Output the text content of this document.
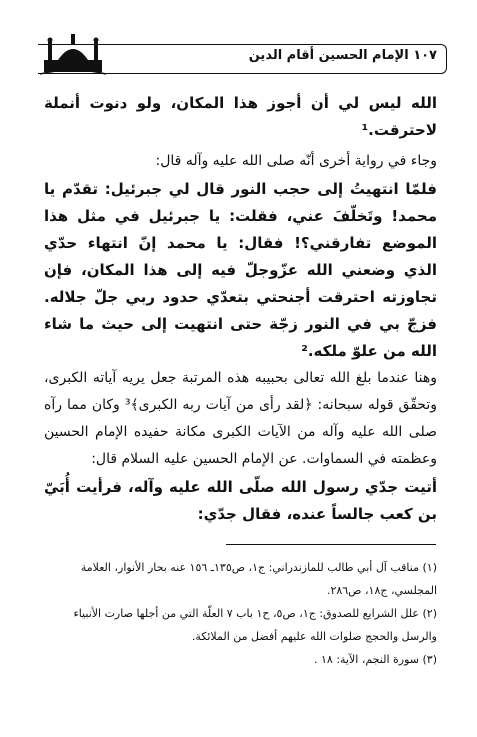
١٠٧ الإمام الحسين أقام الدين
الله ليس لي أن أجوز هذا المكان، ولو دنوت أنملة لاحترقت.¹
وجاء في رواية أخرى أنّه صلى الله عليه وآله قال:
فلمّا انتهيتُ إلى حجب النور قال لي جبرئيل: تقدّم يا محمد! وتَخلّفَ عني، فقلت: يا جبرئيل في مثل هذا الموضع تفارقني؟! فقال: يا محمد إنّ انتهاء حدّي الذي وضعني الله عزّوجلّ فيه إلى هذا المكان، فإن تجاوزته احترقت أجنحتي بتعدّي حدود ربي جلّ جلاله. فزجّ بي في النور زجّة حتى انتهيت إلى حيث ما شاء الله من علوّ ملكه.²
وهنا عندما بلغ الله تعالى بحبيبه هذه المرتبة جعل يريه آياته الكبرى، وتحقّق قوله سبحانه: ﴿لقد رأى من آيات ربه الكبرى﴾³ وكان مما رآه صلى الله عليه وآله من الآيات الكبرى مكانة حفيده الإمام الحسين وعظمته في السماوات. عن الإمام الحسين عليه السلام قال:
أتيت جدّي رسول الله صلّى الله عليه وآله، فرأيت أُبَيّ بن كعب جالساً عنده، فقال جدّي:
(١) مناقب آل أبي طالب للمازندراني: ج١، ص١٣٥ـ ١٥٦ عنه بحار الأنوار، العلامة المجلسي، ج١٨، ص٢٨٦.
(٢) علل الشرايع للصدوق: ج١، ص٥، ح١ باب ٧ العلّة التي من أجلها صارت الأنبياء والرسل والحجج صلوات الله عليهم أفضل من الملائكة.
(٣) سورة النجم، الآية: ١٨ .
